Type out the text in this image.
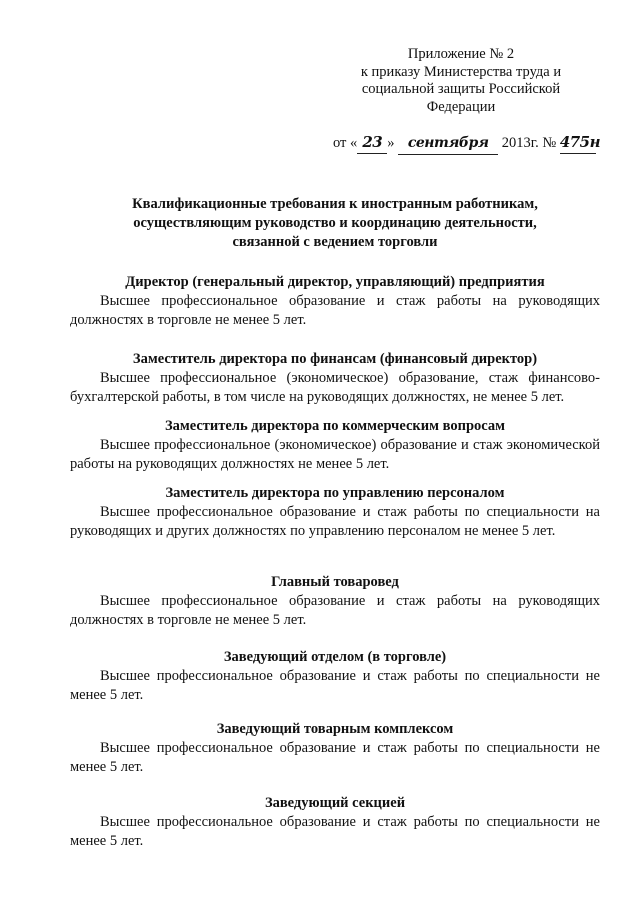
Приложение № 2
к приказу Министерства труда и
социальной защиты Российской
Федерации
от « 23 » сентября 2013г. № 475н
Квалификационные требования к иностранным работникам,
осуществляющим руководство и координацию деятельности,
связанной с ведением торговли
Директор (генеральный директор, управляющий) предприятия

Высшее профессиональное образование и стаж работы на руководящих должностях в торговле не менее 5 лет.

Заместитель директора по финансам (финансовый директор)

Высшее профессиональное (экономическое) образование, стаж финансово-бухгалтерской работы, в том числе на руководящих должностях, не менее 5 лет.

Заместитель директора по коммерческим вопросам

Высшее профессиональное (экономическое) образование и стаж экономической работы на руководящих должностях не менее 5 лет.

Заместитель директора по управлению персоналом

Высшее профессиональное образование и стаж работы по специальности на руководящих и других должностях по управлению персоналом не менее 5 лет.

Главный товаровед

Высшее профессиональное образование и стаж работы на руководящих должностях в торговле не менее 5 лет.

Заведующий отделом (в торговле)

Высшее профессиональное образование и стаж работы по специальности не менее 5 лет.

Заведующий товарным комплексом

Высшее профессиональное образование и стаж работы по специальности не менее 5 лет.

Заведующий секцией

Высшее профессиональное образование и стаж работы по специальности не менее 5 лет.
